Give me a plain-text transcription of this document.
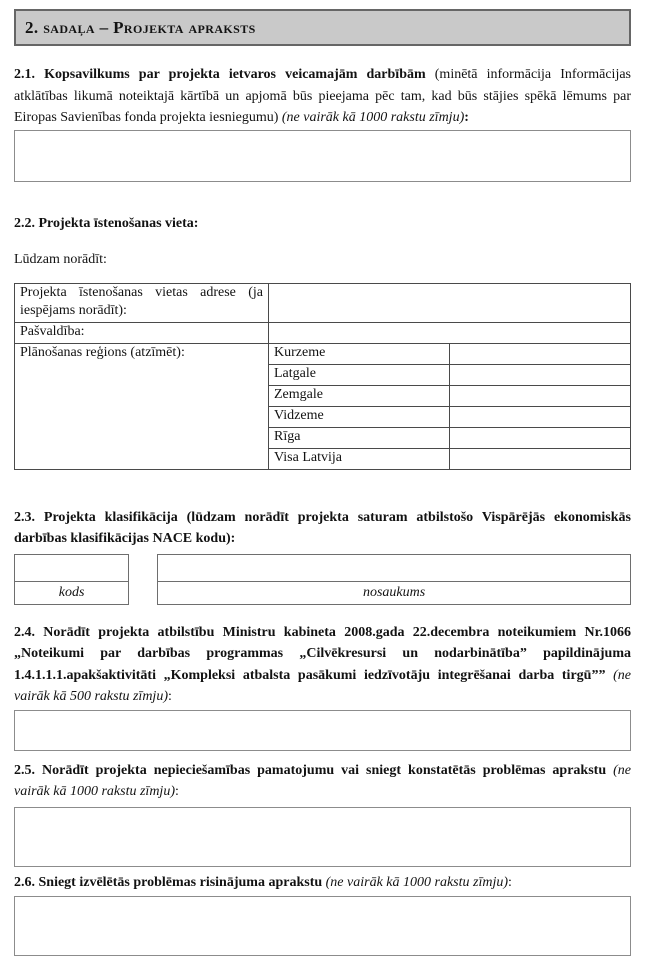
2. sadaļa – Projekta apraksts

2.1. Kopsavilkums par projekta ietvaros veicamajām darbībām (minētā informācija Informācijas atklātības likumā noteiktajā kārtībā un apjomā būs pieejama pēc tam, kad būs stājies spēkā lēmums par Eiropas Savienības fonda projekta iesniegumu) (ne vairāk kā 1000 rakstu zīmju):

2.2. Projekta īstenošanas vieta:

Lūdzam norādīt:

Projekta īstenošanas vietas adrese (ja iespējams norādīt):		
Pašvaldība:		
Plānošanas reģions (atzīmēt):	Kurzeme	
	Latgale	
	Zemgale	
	Vidzeme	
	Rīga	
	Visa Latvija	

2.3. Projekta klasifikācija (lūdzam norādīt projekta saturam atbilstošo Vispārējās ekonomiskās darbības klasifikācijas NACE kodu):

kods	nosaukums

2.4. Norādīt projekta atbilstību Ministru kabineta 2008.gada 22.decembra noteikumiem Nr.1066 „Noteikumi par darbības programmas „Cilvēkresursi un nodarbinātība” papildinājuma 1.4.1.1.1.apakšaktivitāti „Kompleksi atbalsta pasākumi iedzīvotāju integrēšanai darba tirgū”” (ne vairāk kā 500 rakstu zīmju):

2.5. Norādīt projekta nepieciešamības pamatojumu vai sniegt konstatētās problēmas aprakstu (ne vairāk kā 1000 rakstu zīmju):

2.6. Sniegt izvēlētās problēmas risinājuma aprakstu (ne vairāk kā 1000 rakstu zīmju):
